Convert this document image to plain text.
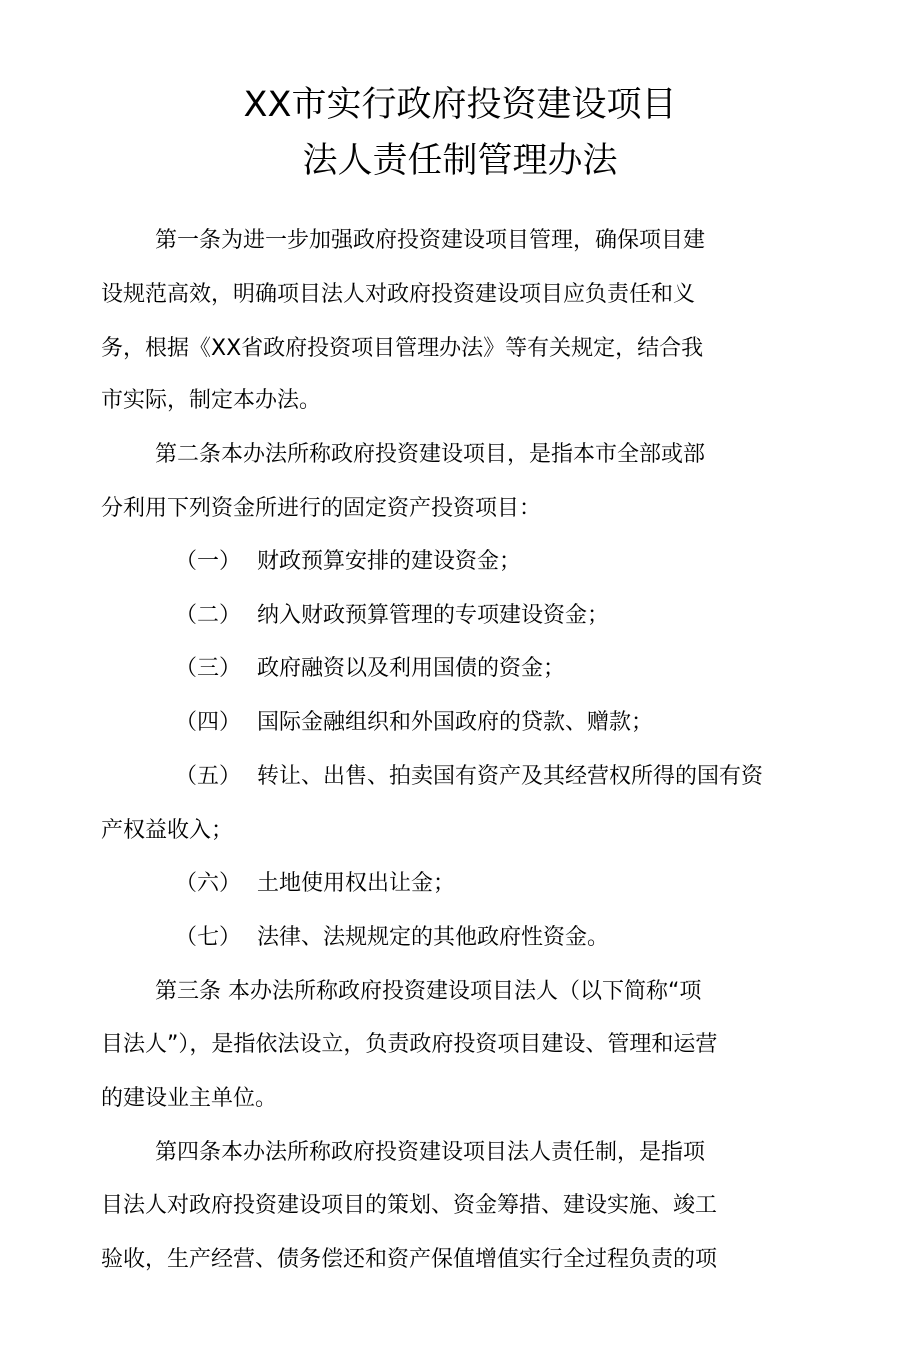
XX市实行政府投资建设项目
法人责任制管理办法
第一条为进一步加强政府投资建设项目管理，确保项目建
设规范高效，明确项目法人对政府投资建设项目应负责任和义
务，根据《XX省政府投资项目管理办法》等有关规定，结合我
市实际，制定本办法。
第二条本办法所称政府投资建设项目，是指本市全部或部
分利用下列资金所进行的固定资产投资项目：
（一） 财政预算安排的建设资金；
（二） 纳入财政预算管理的专项建设资金；
（三） 政府融资以及利用国债的资金；
（四） 国际金融组织和外国政府的贷款、赠款；
（五） 转让、出售、拍卖国有资产及其经营权所得的国有资
产权益收入；
（六） 土地使用权出让金；
（七） 法律、法规规定的其他政府性资金。
第三条 本办法所称政府投资建设项目法人（以下简称“项
目法人”），是指依法设立，负责政府投资项目建设、管理和运营
的建设业主单位。
第四条本办法所称政府投资建设项目法人责任制，是指项
目法人对政府投资建设项目的策划、资金筹措、建设实施、竣工
验收，生产经营、债务偿还和资产保值增值实行全过程负责的项
